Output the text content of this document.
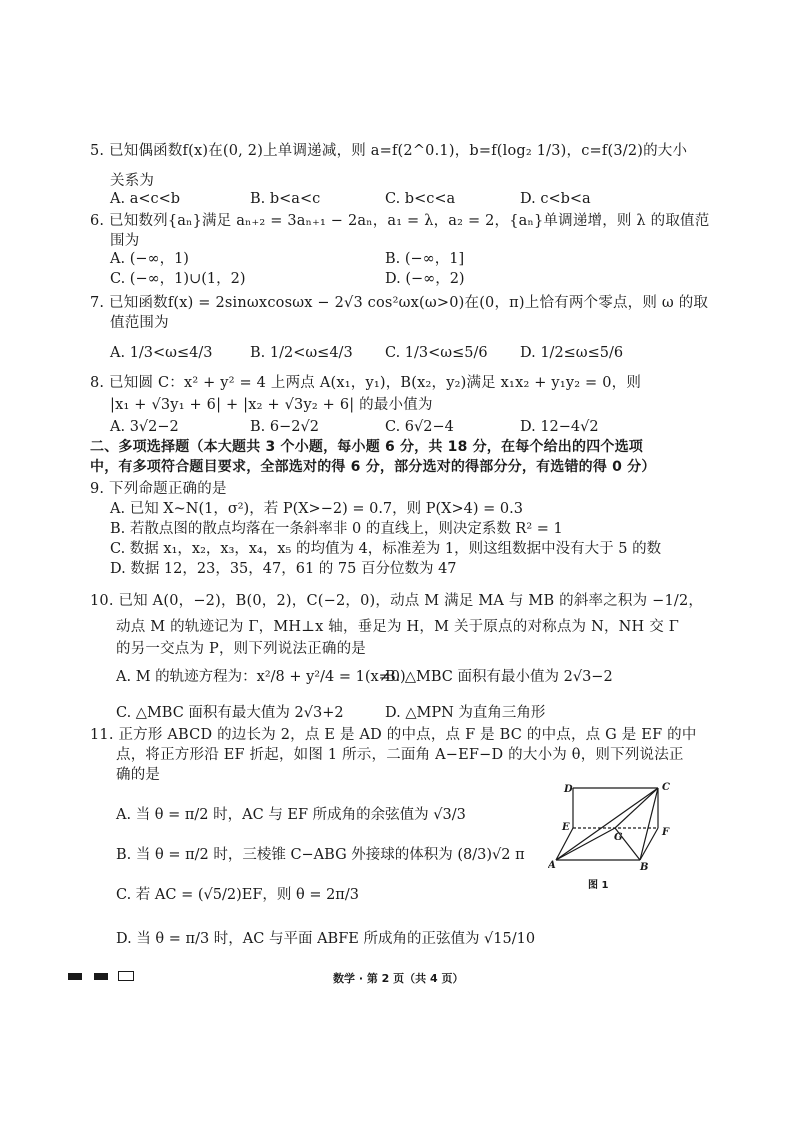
5. 已知偶函数f(x)在(0, 2)上单调递减，则 a=f(2^0.1)，b=f(log₂ 1/3)，c=f(3/2)的大小
关系为
A. a<c<b	B. b<a<c	C. b<c<a	D. c<b<a
6. 已知数列{aₙ}满足 aₙ₊₂ = 3aₙ₊₁ − 2aₙ，a₁ = λ，a₂ = 2，{aₙ}单调递增，则 λ 的取值范
围为
A. (−∞，1)	B. (−∞，1]
C. (−∞，1)∪(1，2)	D. (−∞，2)
7. 已知函数f(x) = 2sinωxcosωx − 2√3 cos²ωx(ω>0)在(0，π)上恰有两个零点，则 ω 的取
值范围为
A. 1/3<ω≤4/3	B. 1/2<ω≤4/3 C. 1/3<ω≤5/6 D. 1/2≤ω≤5/6
8. 已知圆 C：x² + y² = 4 上两点 A(x₁，y₁)，B(x₂，y₂)满足 x₁x₂ + y₁y₂ = 0，则
|x₁ + √3y₁ + 6| + |x₂ + √3y₂ + 6| 的最小值为
A. 3√2−2	B. 6−2√2	C. 6√2−4	D. 12−4√2
二、多项选择题（本大题共 3 个小题，每小题 6 分，共 18 分，在每个给出的四个选项
中，有多项符合题目要求，全部选对的得 6 分，部分选对的得部分分，有选错的得 0 分）
9. 下列命题正确的是
A. 已知 X~N(1，σ²)，若 P(X>−2) = 0.7，则 P(X>4) = 0.3
B. 若散点图的散点均落在一条斜率非 0 的直线上，则决定系数 R² = 1
C. 数据 x₁，x₂，x₃，x₄，x₅ 的均值为 4，标准差为 1，则这组数据中没有大于 5 的数
D. 数据 12，23，35，47，61 的 75 百分位数为 47
10. 已知 A(0，−2)，B(0，2)，C(−2，0)，动点 M 满足 MA 与 MB 的斜率之积为 −1/2，
动点 M 的轨迹记为 Γ，MH⊥x 轴，垂足为 H，M 关于原点的对称点为 N，NH 交 Γ
的另一交点为 P，则下列说法正确的是
A. M 的轨迹方程为：x²/8 + y²/4 = 1(x≠0)
B. △MBC 面积有最小值为 2√3−2
C. △MBC 面积有最大值为 2√3+2	D. △MPN 为直角三角形
11. 正方形 ABCD 的边长为 2，点 E 是 AD 的中点，点 F 是 BC 的中点，点 G 是 EF 的中
点，将正方形沿 EF 折起，如图 1 所示，二面角 A−EF−D 的大小为 θ，则下列说法正
确的是
A. 当 θ = π/2 时，AC 与 EF 所成角的余弦值为 √3/3
B. 当 θ = π/2 时，三棱锥 C−ABG 外接球的体积为 (8/3)√2 π
C. 若 AC = (√5/2)EF，则 θ = 2π/3
D. 当 θ = π/3 时，AC 与平面 ABFE 所成角的正弦值为 √15/10
D	C
E
G	F
A	B
图 1
数学 · 第 2 页（共 4 页）
